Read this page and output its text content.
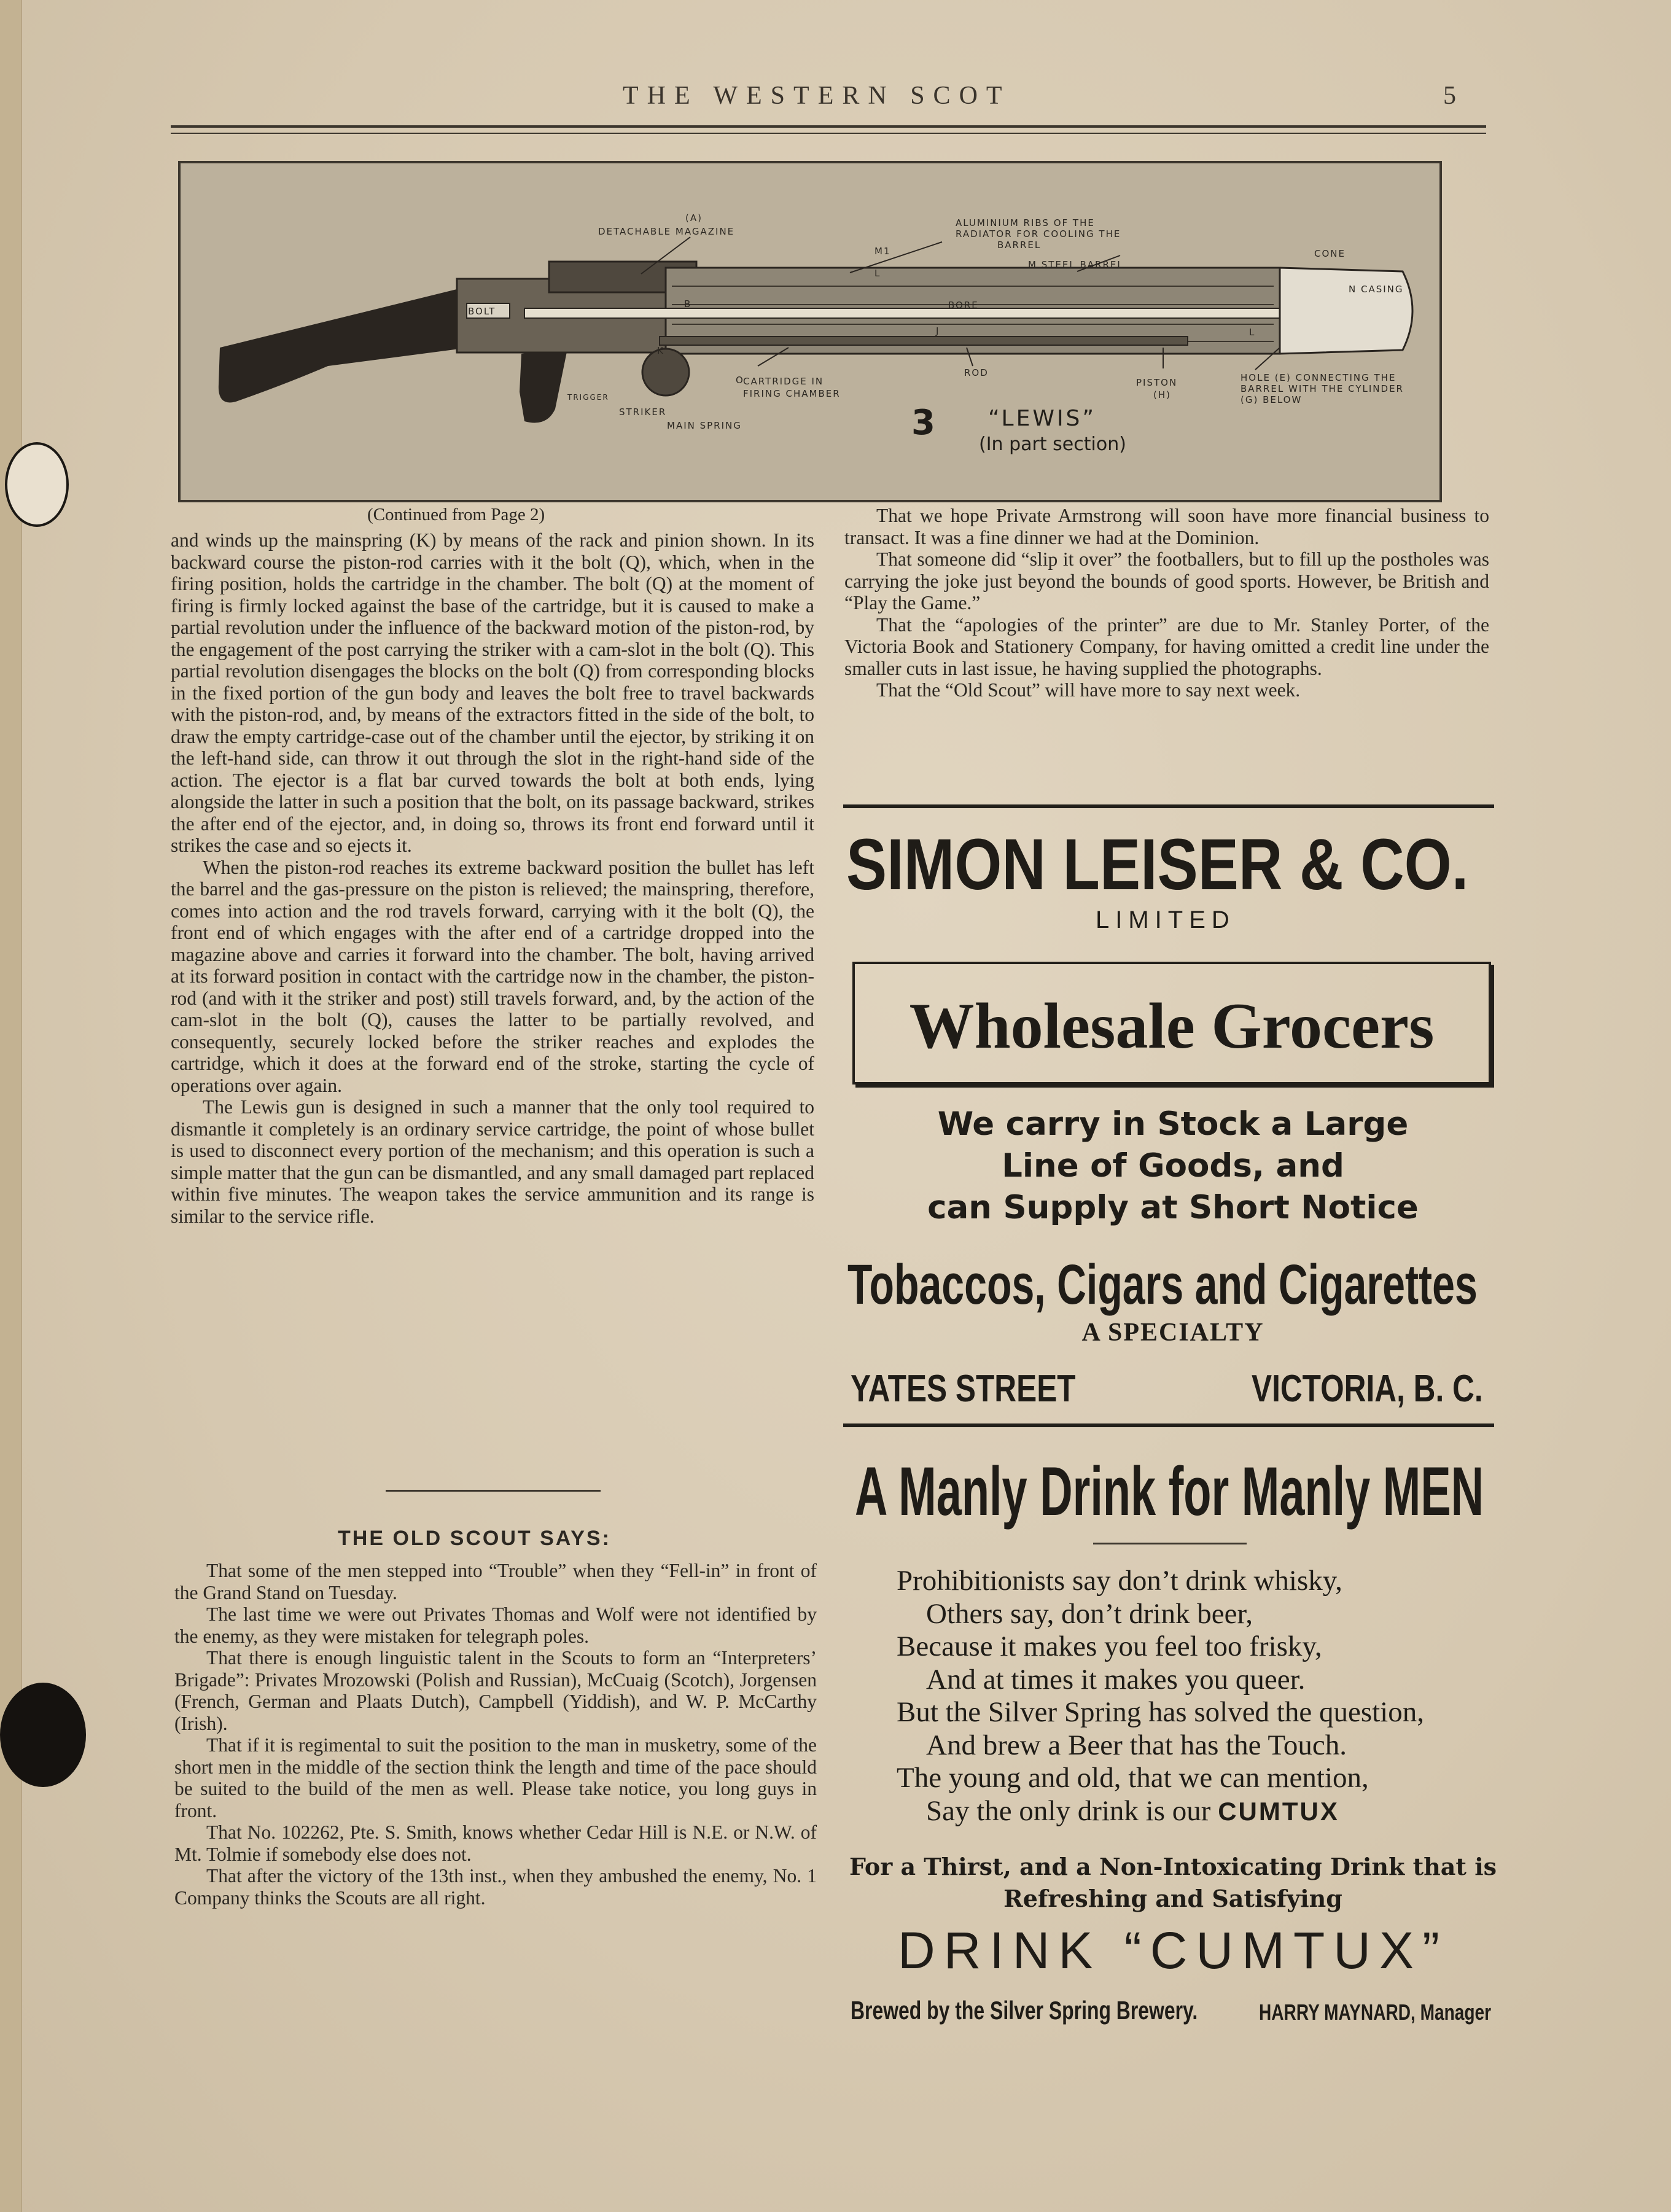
THE WESTERN SCOT	5
(A)
DETACHABLE MAGAZINE
ALUMINIUM RIBS OF THE
RADIATOR FOR COOLING THE
BARREL
M1
L
M STEEL BARREL
CONE
N CASING
BOLT
B	BORE
J	L
K
O
TRIGGER
CARTRIDGE IN
FIRING CHAMBER
ROD
PISTON
(H)
HOLE (E) CONNECTING THE
BARREL WITH THE CYLINDER
(G) BELOW
STRIKER
MAIN SPRING	3 “LEWIS”
(In part section)
(Continued from Page 2)

and winds up the mainspring (K) by means of the rack and pinion shown. In its backward course the piston-rod carries with it the bolt (Q), which, when in the firing position, holds the cartridge in the chamber. The bolt (Q) at the moment of firing is firmly locked against the base of the cartridge, but it is caused to make a partial revolution under the influence of the backward motion of the piston-rod, by the engagement of the post carrying the striker with a cam-slot in the bolt (Q). This partial revolution disengages the blocks on the bolt (Q) from corresponding blocks in the fixed portion of the gun body and leaves the bolt free to travel backwards with the piston-rod, and, by means of the extractors fitted in the side of the bolt, to draw the empty cartridge-case out of the chamber until the ejector, by striking it on the left-hand side, can throw it out through the slot in the right-hand side of the action. The ejector is a flat bar curved towards the bolt at both ends, lying alongside the latter in such a position that the bolt, on its passage backward, strikes the after end of the ejector, and, in doing so, throws its front end forward until it strikes the case and so ejects it.

When the piston-rod reaches its extreme backward position the bullet has left the barrel and the gas-pressure on the piston is relieved; the mainspring, therefore, comes into action and the rod travels forward, carrying with it the bolt (Q), the front end of which engages with the after end of a cartridge dropped into the magazine above and carries it forward into the chamber. The bolt, having arrived at its forward position in contact with the cartridge now in the chamber, the piston-rod (and with it the striker and post) still travels forward, and, by the action of the cam-slot in the bolt (Q), causes the latter to be partially revolved, and consequently, securely locked before the striker reaches and explodes the cartridge, which it does at the forward end of the stroke, starting the cycle of operations over again.

The Lewis gun is designed in such a manner that the only tool required to dismantle it completely is an ordinary service cartridge, the point of whose bullet is used to disconnect every portion of the mechanism; and this operation is such a simple matter that the gun can be dismantled, and any small damaged part replaced within five minutes. The weapon takes the service ammunition and its range is similar to the service rifle.

THE OLD SCOUT SAYS:

That some of the men stepped into “Trouble” when they “Fell-in” in front of the Grand Stand on Tuesday.

The last time we were out Privates Thomas and Wolf were not identified by the enemy, as they were mistaken for telegraph poles.

That there is enough linguistic talent in the Scouts to form an “Interpreters’ Brigade”: Privates Mrozowski (Polish and Russian), McCuaig (Scotch), Jorgensen (French, German and Plaats Dutch), Campbell (Yiddish), and W. P. McCarthy (Irish).

That if it is regimental to suit the position to the man in musketry, some of the short men in the middle of the section think the length and time of the pace should be suited to the build of the men as well. Please take notice, you long guys in front.

That No. 102262, Pte. S. Smith, knows whether Cedar Hill is N.E. or N.W. of Mt. Tolmie if somebody else does not.

That after the victory of the 13th inst., when they ambushed the enemy, No. 1 Company thinks the Scouts are all right.

That we hope Private Armstrong will soon have more financial business to transact. It was a fine dinner we had at the Dominion.

That someone did “slip it over” the footballers, but to fill up the postholes was carrying the joke just beyond the bounds of good sports. However, be British and “Play the Game.”

That the “apologies of the printer” are due to Mr. Stanley Porter, of the Victoria Book and Stationery Company, for having omitted a credit line under the smaller cuts in last issue, he having supplied the photographs.

That the “Old Scout” will have more to say next week.

SIMON LEISER & CO.
LIMITED
Wholesale Grocers
We carry in Stock a Large
Line of Goods, and
can Supply at Short Notice
Tobaccos, Cigars and Cigarettes
A SPECIALTY
YATES STREET	VICTORIA, B. C.
A Manly Drink for Manly MEN
Prohibitionists say don’t drink whisky,
Others say, don’t drink beer,
Because it makes you feel too frisky,
And at times it makes you queer.
But the Silver Spring has solved the question,
And brew a Beer that has the Touch.
The young and old, that we can mention,
Say the only drink is our CUMTUX
For a Thirst, and a Non-Intoxicating Drink that is
Refreshing and Satisfying
DRINK “CUMTUX”
Brewed by the Silver Spring Brewery.	HARRY MAYNARD, Manager
